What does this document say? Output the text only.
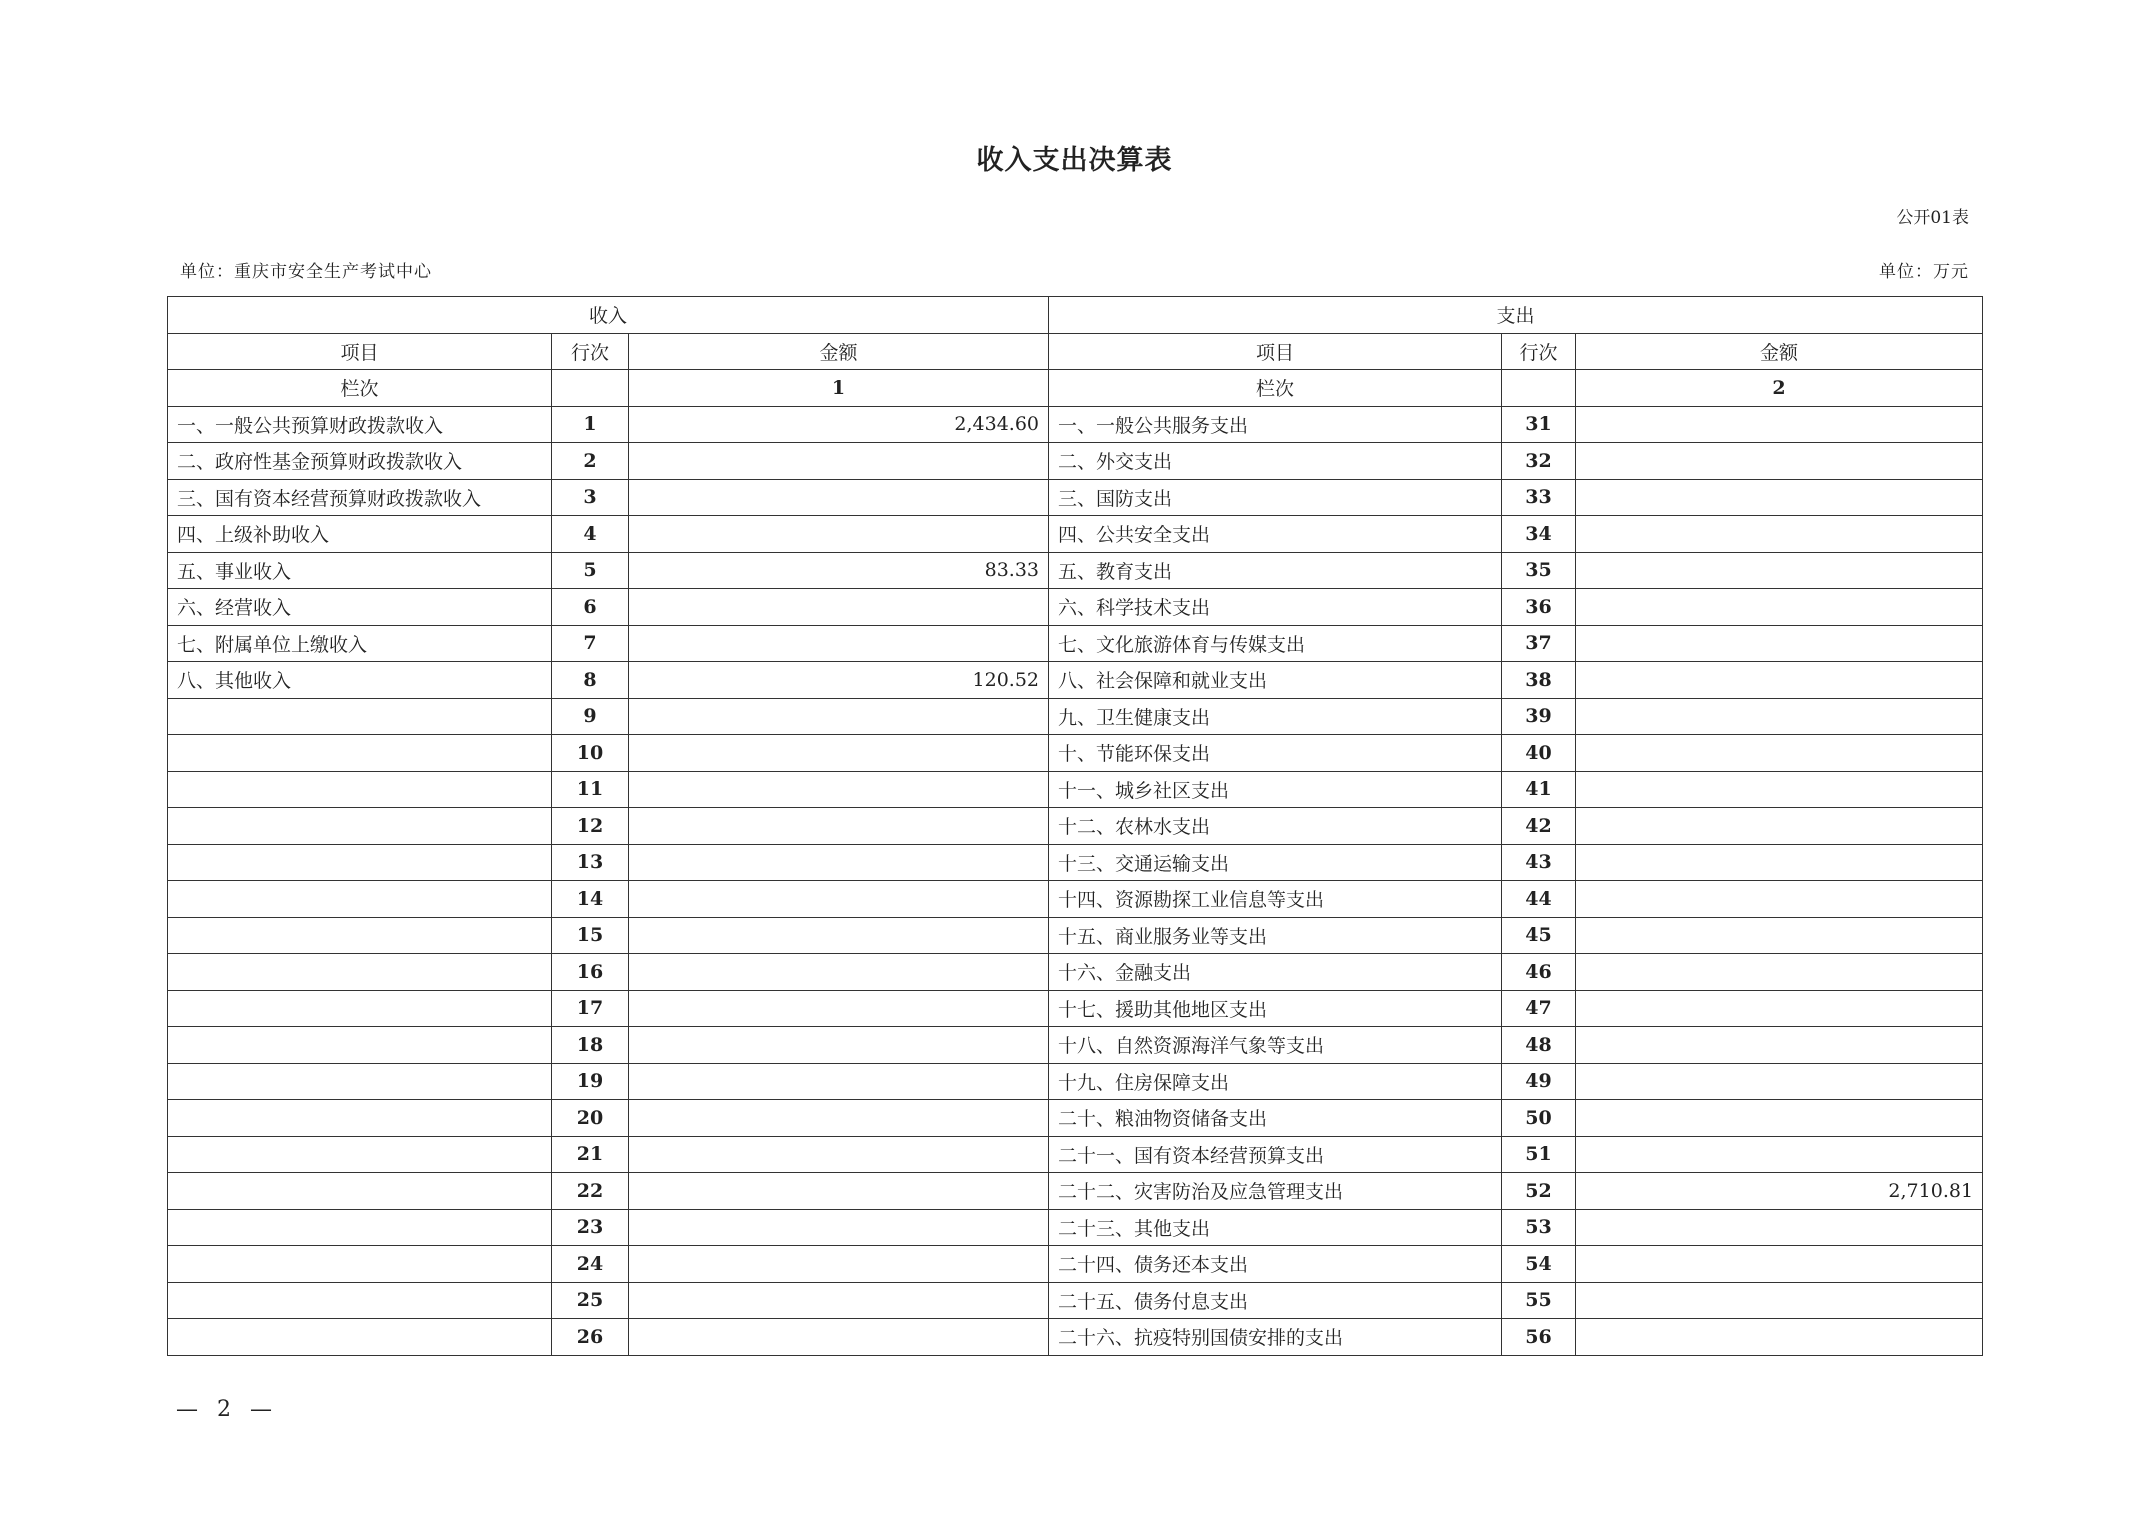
收入支出决算表
公开01表
单位：重庆市安全生产考试中心	单位：万元
收入			支出		
项目	行次	金额	项目	行次	金额
栏次		1	栏次		2
一、一般公共预算财政拨款收入	1	2,434.60	一、一般公共服务支出	31	
二、政府性基金预算财政拨款收入	2		二、外交支出	32	
三、国有资本经营预算财政拨款收入	3		三、国防支出	33	
四、上级补助收入	4		四、公共安全支出	34	
五、事业收入	5	83.33	五、教育支出	35	
六、经营收入	6		六、科学技术支出	36	
七、附属单位上缴收入	7		七、文化旅游体育与传媒支出	37	
八、其他收入	8	120.52	八、社会保障和就业支出	38	
	9		九、卫生健康支出	39	
	10		十、节能环保支出	40	
	11		十一、城乡社区支出	41	
	12		十二、农林水支出	42	
	13		十三、交通运输支出	43	
	14		十四、资源勘探工业信息等支出	44	
	15		十五、商业服务业等支出	45	
	16		十六、金融支出	46	
	17		十七、援助其他地区支出	47	
	18		十八、自然资源海洋气象等支出	48	
	19		十九、住房保障支出	49	
	20		二十、粮油物资储备支出	50	
	21		二十一、国有资本经营预算支出	51	
	22		二十二、灾害防治及应急管理支出	52	2,710.81
	23		二十三、其他支出	53	
	24		二十四、债务还本支出	54	
	25		二十五、债务付息支出	55	
	26		二十六、抗疫特别国债安排的支出	56	
— 2 —
